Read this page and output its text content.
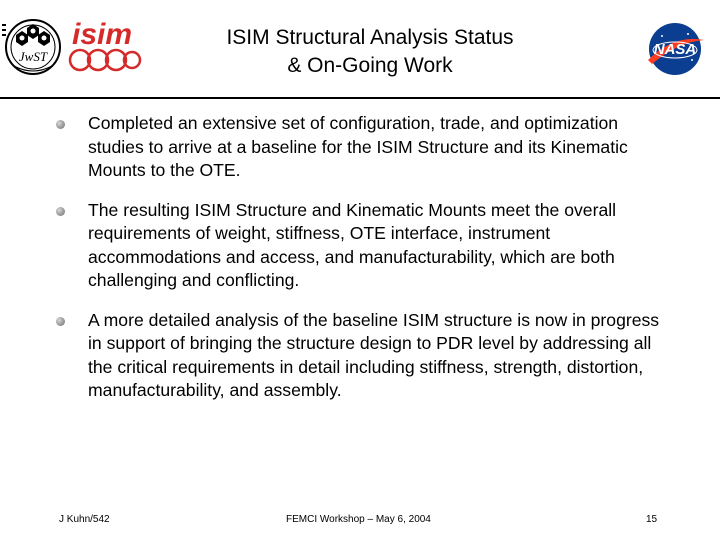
JwST
isim	ISIM Structural Analysis Status
& On-Going Work
NASA
Completed an extensive set of configuration, trade, and optimization studies to arrive at a baseline for the ISIM Structure and its Kinematic Mounts to the OTE.
The resulting ISIM Structure and Kinematic Mounts meet the overall requirements of weight, stiffness, OTE interface, instrument accommodations and access, and manufacturability, which are both challenging and conflicting.
A more detailed analysis of the baseline ISIM structure is now in progress in support of bringing the structure design to PDR level by addressing all the critical requirements in detail including stiffness, strength, distortion, manufacturability, and assembly.
J Kuhn/542	FEMCI Workshop – May 6, 2004	15
